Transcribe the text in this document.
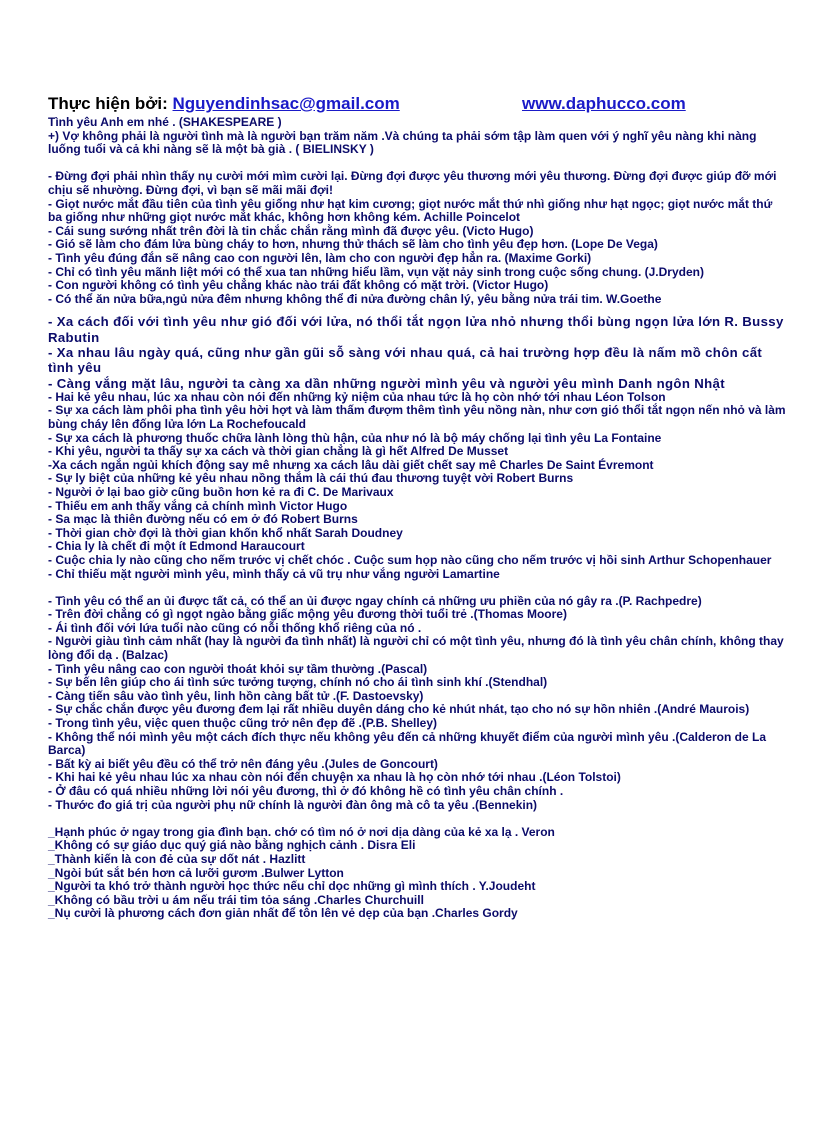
Thực hiện bởi: Nguyendinhsac@gmail.com	www.daphucco.com

Tình yêu Anh em nhé . (SHAKESPEARE )

+) Vợ không phải là người tình mà là người bạn trăm năm .Và chúng ta phải sớm tập làm quen với ý nghĩ yêu nàng khi nàng luống tuổi và cả khi nàng sẽ là một bà già . ( BIELINSKY )

- Đừng đợi phải nhìn thấy nụ cười mới mìm cười lại. Đừng đợi được yêu thương mới yêu thương. Đừng đợi được giúp đỡ mới chịu sẽ nhường. Đừng đợi, vì bạn sẽ mãi mãi đợi!

- Giọt nước mắt đầu tiên của tình yêu giống như hạt kim cương; giọt nước mắt thứ nhì giống như hạt ngọc; giọt nước mắt thứ ba giống như những giọt nước mắt khác, không hơn không kém. Achille Poincelot

- Cái sung sướng nhất trên đời là tin chắc chắn rằng mình đã được yêu. (Victo Hugo)

- Gió sẽ làm cho đám lửa bùng cháy to hơn, nhưng thử thách sẽ làm cho tình yêu đẹp hơn. (Lope De Vega)

- Tình yêu đúng đắn sẽ nâng cao con người lên, làm cho con người đẹp hẳn ra. (Maxime Gorki)

- Chỉ có tình yêu mãnh liệt mới có thể xua tan những hiểu lầm, vụn vặt nảy sinh trong cuộc sống chung. (J.Dryden)

- Con người không có tình yêu chẳng khác nào trái đất không có mặt trời. (Victor Hugo)

- Có thể ăn nửa bữa,ngủ nửa đêm nhưng không thể đi nửa đường chân lý, yêu bằng nửa trái tim. W.Goethe

- Xa cách đối với tình yêu như gió đối với lửa, nó thổi tắt ngọn lửa nhỏ nhưng thổi bùng ngọn lửa lớn R. Bussy Rabutin

- Xa nhau lâu ngày quá, cũng như gần gũi sỗ sàng với nhau quá, cả hai trường hợp đều là nấm mồ chôn cất tình yêu

- Càng vắng mặt lâu, người ta càng xa dần những người mình yêu và người yêu mình Danh ngôn Nhật

- Hai kẻ yêu nhau, lúc xa nhau còn nói đến những kỷ niệm của nhau tức là họ còn nhớ tới nhau Léon Tolson

- Sự xa cách làm phôi pha tình yêu hời hợt và làm thấm đượm thêm tình yêu nồng nàn, như cơn gió thổi tắt ngọn nến nhỏ và làm bùng cháy lên đống lửa lớn La Rochefoucald

- Sự xa cách là phương thuốc chữa lành lòng thù hận, của như nó là bộ máy chống lại tình yêu La Fontaine

- Khi yêu, người ta thấy sự xa cách và thời gian chẳng là gì hết Alfred De Musset

-Xa cách ngắn ngủi khích động say mê nhưng xa cách lâu dài giết chết say mê Charles De Saint Évremont

- Sự ly biệt của những kẻ yêu nhau nồng thắm là cái thú đau thương tuyệt vời Robert Burns

- Người ở lại bao giờ cũng buồn hơn kẻ ra đi C. De Marivaux

- Thiếu em anh thấy vắng cả chính mình Victor Hugo

- Sa mạc là thiên đường nếu có em ở đó Robert Burns

- Thời gian chờ đợi là thời gian khốn khổ nhất Sarah Doudney

- Chia ly là chết đi một ít Edmond Haraucourt

- Cuộc chia ly nào cũng cho nếm trước vị chết chóc . Cuộc sum họp nào cũng cho nếm trước vị hồi sinh Arthur Schopenhauer

- Chỉ thiếu mặt người mình yêu, mình thấy cả vũ trụ như vắng người Lamartine

- Tình yêu có thể an ủi được tất cả, có thể an ủi được ngay chính cả những ưu phiền của nó gây ra .(P. Rachpedre)

- Trên đời chẳng có gì ngọt ngào bằng giấc mộng yêu đương thời tuổi trẻ .(Thomas Moore)

- Ái tình đối với lứa tuổi nào cũng có nỗi thống khổ riêng của nó .

- Người giàu tình cảm nhất (hay là người đa tình nhất) là người chỉ có một tình yêu, nhưng đó là tình yêu chân chính, không thay lòng đổi dạ . (Balzac)

- Tình yêu nâng cao con người thoát khỏi sự tầm thường .(Pascal)

- Sự bến lên giúp cho ái tình sức tưởng tượng, chính nó cho ái tình sinh khí .(Stendhal)

- Càng tiến sâu vào tình yêu, linh hồn càng bất tử .(F. Dastoevsky)

- Sự chắc chắn được yêu đương đem lại rất nhiều duyên dáng cho kẻ nhút nhát, tạo cho nó sự hồn nhiên .(André Maurois)

- Trong tình yêu, việc quen thuộc cũng trở nên đẹp đẽ .(P.B. Shelley)

- Không thể nói mình yêu một cách đích thực nếu không yêu đến cả những khuyết điểm của người mình yêu .(Calderon de La Barca)

- Bất kỳ ai biết yêu đều có thể trở nên đáng yêu .(Jules de Goncourt)

- Khi hai kẻ yêu nhau lúc xa nhau còn nói đến chuyện xa nhau là họ còn nhớ tới nhau .(Léon Tolstoi)

- Ở đâu có quá nhiều những lời nói yêu đương, thì ở đó không hề có tình yêu chân chính .

- Thước đo giá trị của người phụ nữ chính là người đàn ông mà cô ta yêu .(Bennekin)

_Hạnh phúc ở ngay trong gia đình bạn. chớ có tìm nó ở nơi dịa dàng của kẻ xa lạ . Veron

_Không có sự giáo dục quý giá nào bằng nghịch cảnh . Disra Eli

_Thành kiến là con đẻ của sự dốt nát . Hazlitt

_Ngòi bút sắt bén hơn cả lưỡi gươm .Bulwer Lytton

_Người ta khó trở thành người học thức nếu chỉ dọc những gì mình thích . Y.Joudeht

_Không có bầu trời u ám nếu trái tim tỏa sáng .Charles Churchuill

_Nụ cười là phương cách đơn giản nhất để tôn lên vẻ dẹp của bạn .Charles Gordy
